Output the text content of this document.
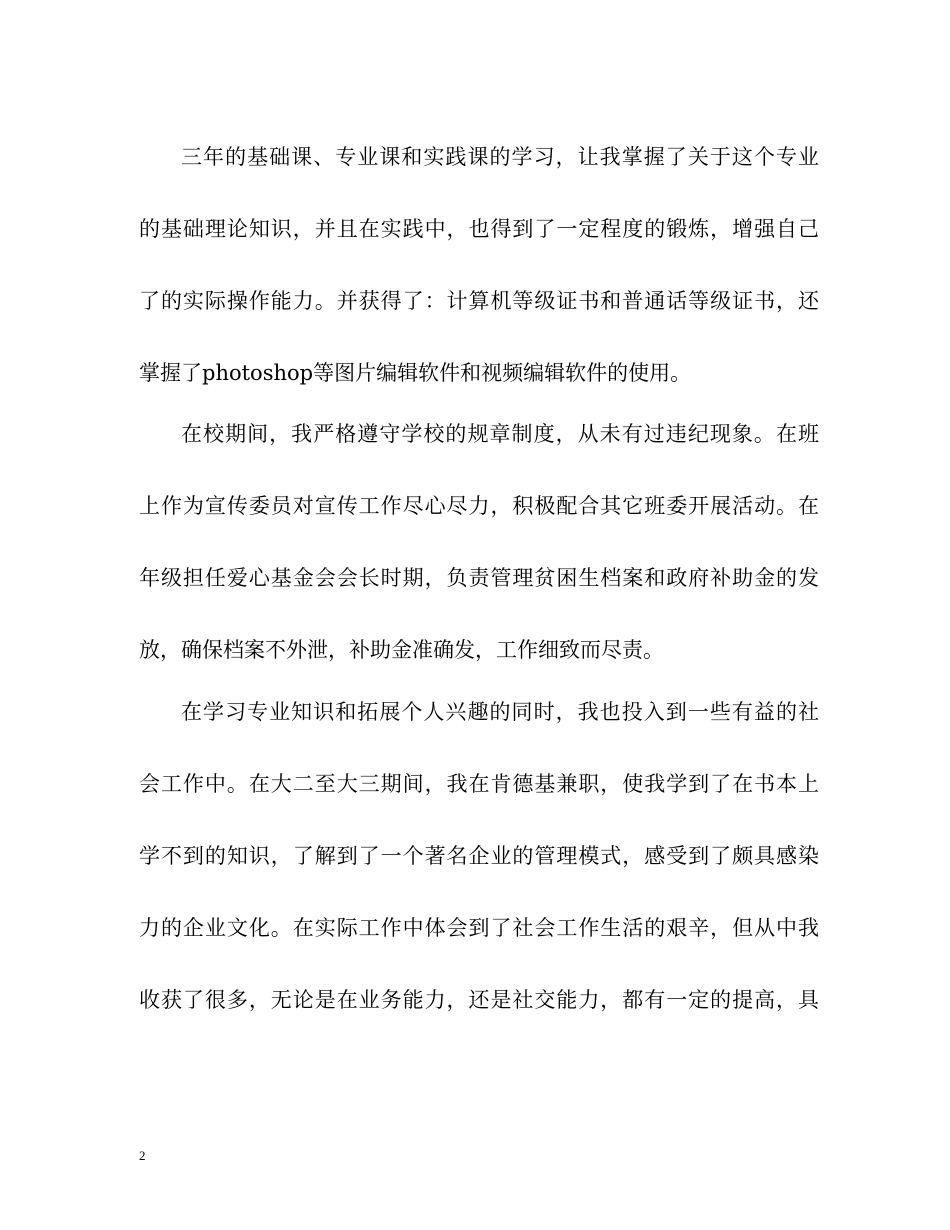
三年的基础课、专业课和实践课的学习，让我掌握了关于这个专业
的基础理论知识，并且在实践中，也得到了一定程度的锻炼，增强自己
了的实际操作能力。并获得了：计算机等级证书和普通话等级证书，还
掌握了photoshop等图片编辑软件和视频编辑软件的使用。
在校期间，我严格遵守学校的规章制度，从未有过违纪现象。在班
上作为宣传委员对宣传工作尽心尽力，积极配合其它班委开展活动。在
年级担任爱心基金会会长时期，负责管理贫困生档案和政府补助金的发
放，确保档案不外泄，补助金准确发，工作细致而尽责。
在学习专业知识和拓展个人兴趣的同时，我也投入到一些有益的社
会工作中。在大二至大三期间，我在肯德基兼职，使我学到了在书本上
学不到的知识，了解到了一个著名企业的管理模式，感受到了颇具感染
力的企业文化。在实际工作中体会到了社会工作生活的艰辛，但从中我
收获了很多，无论是在业务能力，还是社交能力，都有一定的提高，具
2
